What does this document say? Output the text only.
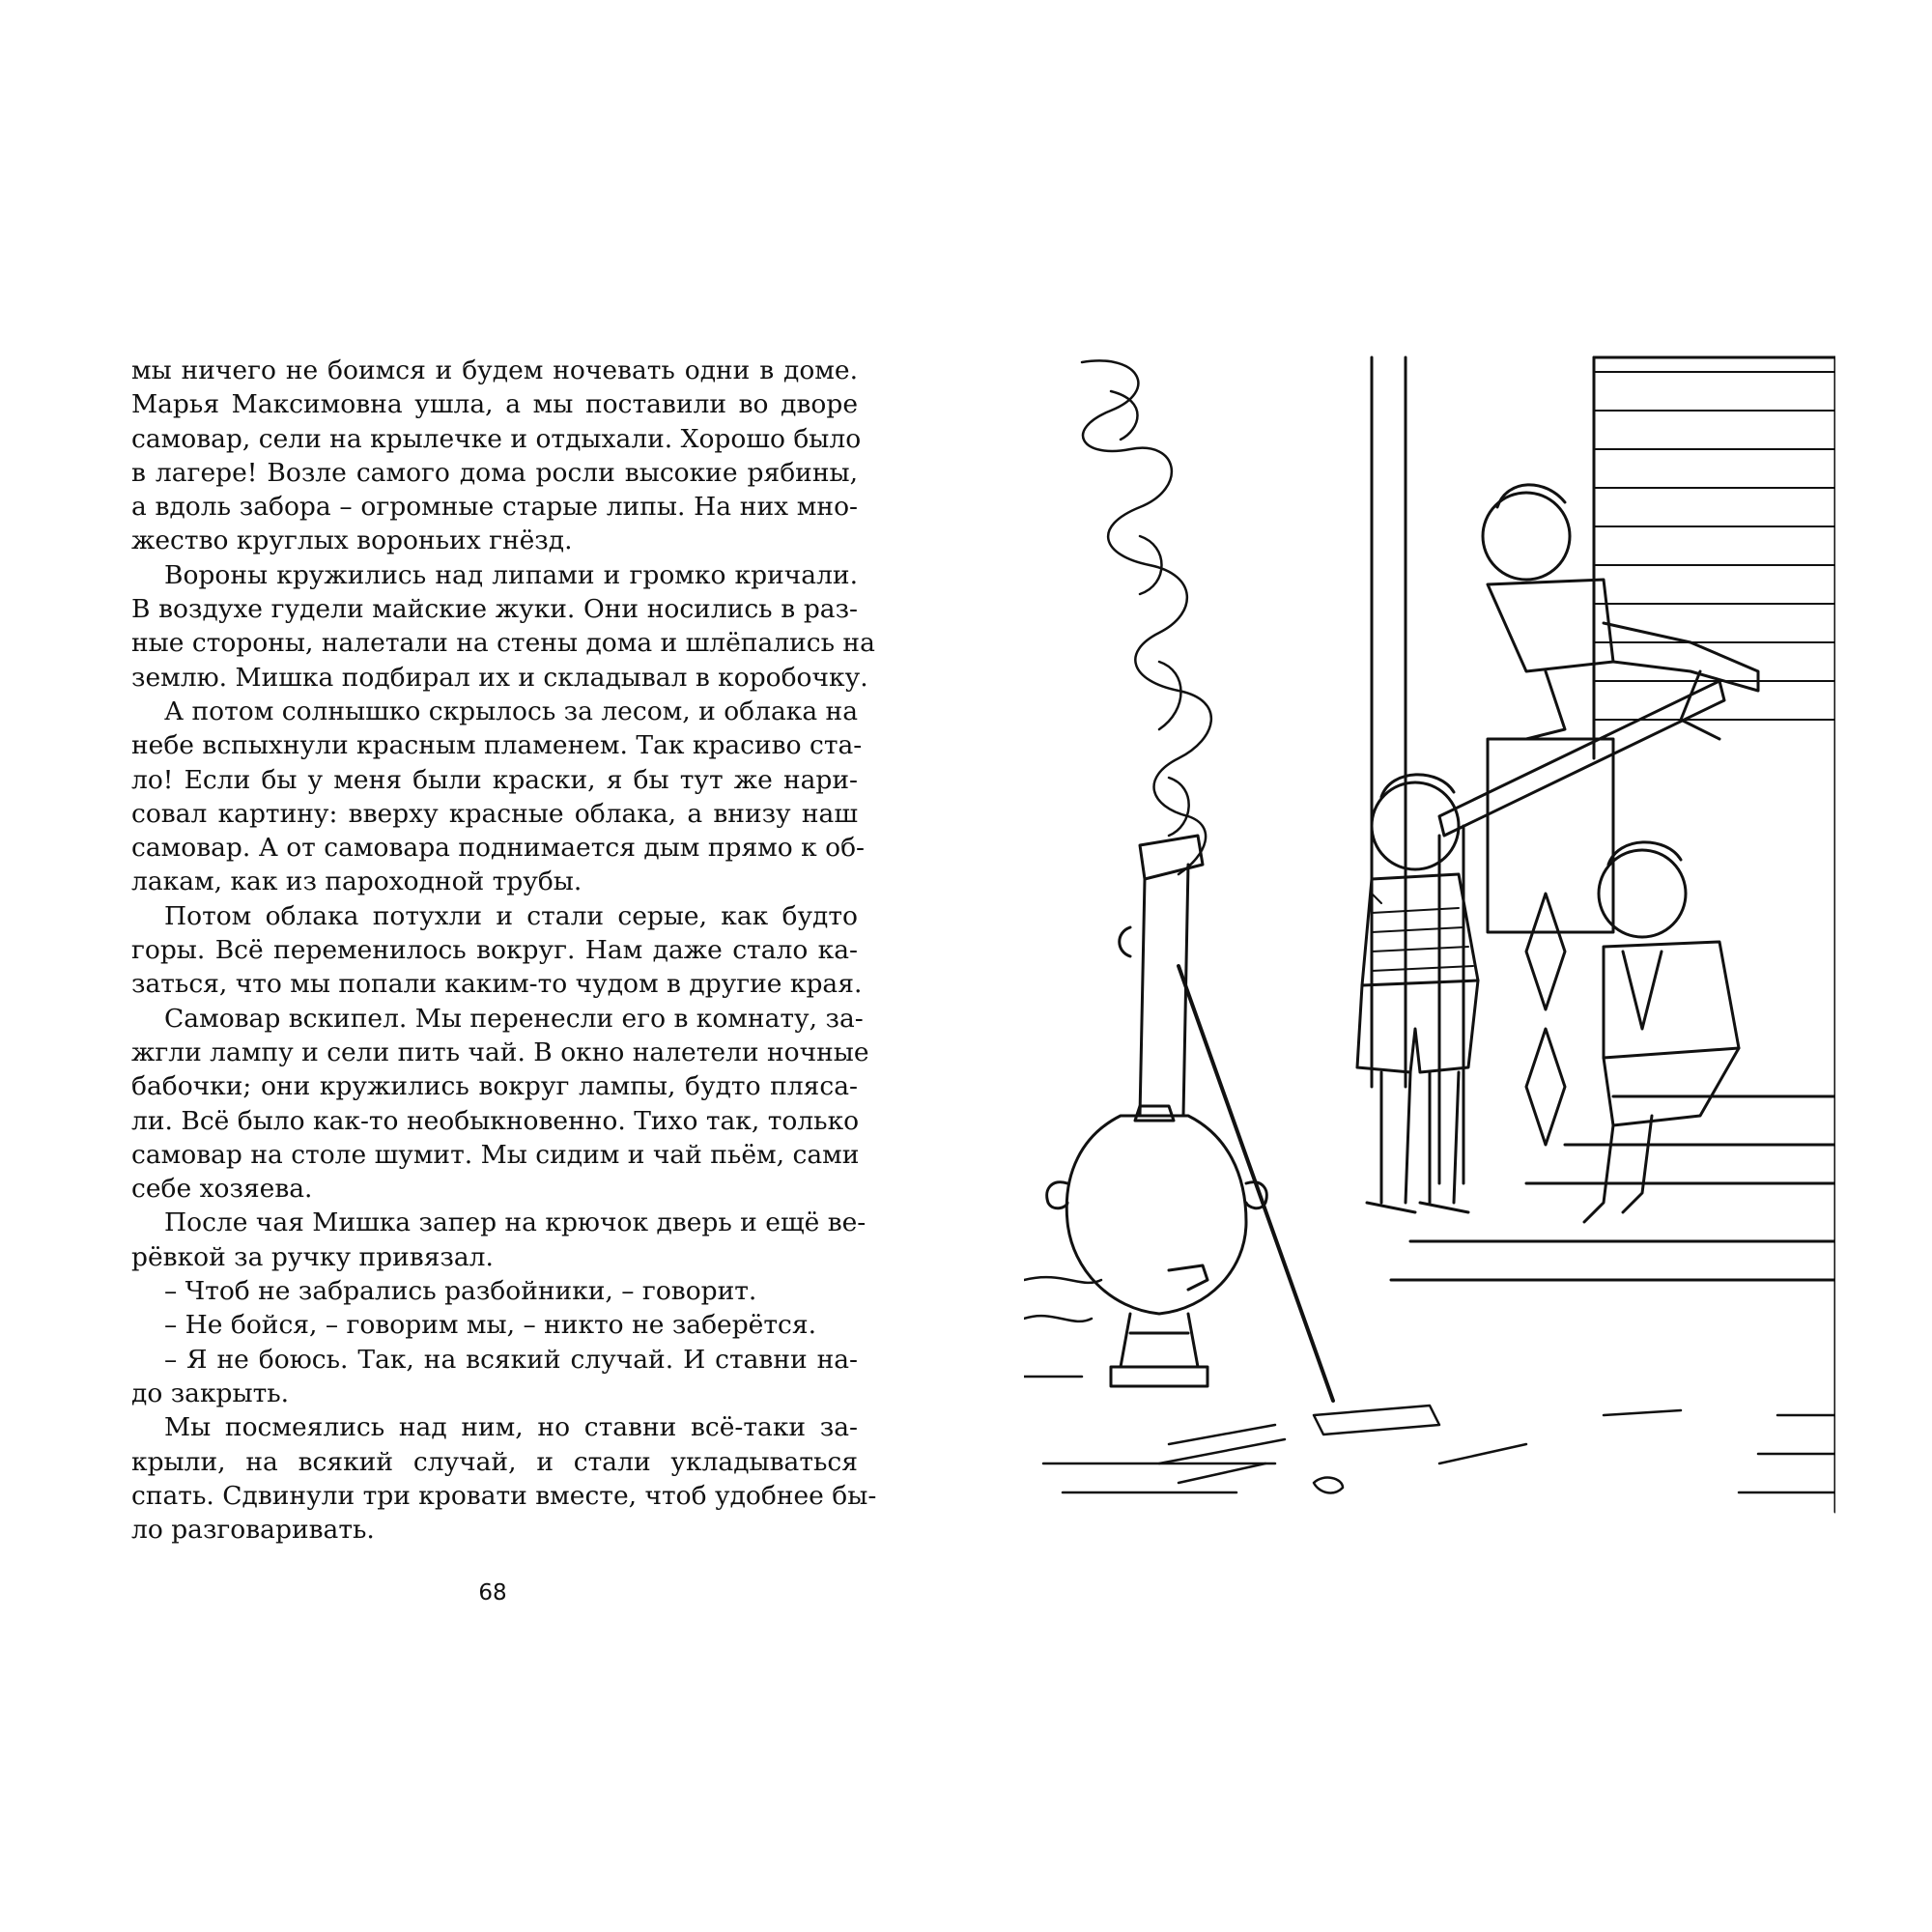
мы ничего не боимся и будем ночевать одни в доме.
Марья Максимовна ушла, а мы поставили во дворе
самовар, сели на крылечке и отдыхали. Хорошо было
в лагере! Возле самого дома росли высокие рябины,
а вдоль забора – огромные старые липы. На них мно-
жество круглых вороньих гнёзд.
Вороны кружились над липами и громко кричали.
В воздухе гудели майские жуки. Они носились в раз-
ные стороны, налетали на стены дома и шлёпались на
землю. Мишка подбирал их и складывал в коробочку.
А потом солнышко скрылось за лесом, и облака на
небе вспыхнули красным пламенем. Так красиво ста-
ло! Если бы у меня были краски, я бы тут же нари-
совал картину: вверху красные облака, а внизу наш
самовар. А от самовара поднимается дым прямо к об-
лакам, как из пароходной трубы.
Потом облака потухли и стали серые, как будто
горы. Всё переменилось вокруг. Нам даже стало ка-
заться, что мы попали каким-то чудом в другие края.
Самовар вскипел. Мы перенесли его в комнату, за-
жгли лампу и сели пить чай. В окно налетели ночные
бабочки; они кружились вокруг лампы, будто пляса-
ли. Всё было как-то необыкновенно. Тихо так, только
самовар на столе шумит. Мы сидим и чай пьём, сами
себе хозяева.
После чая Мишка запер на крючок дверь и ещё ве-
рёвкой за ручку привязал.
– Чтоб не забрались разбойники, – говорит.
– Не бойся, – говорим мы, – никто не заберётся.
– Я не боюсь. Так, на всякий случай. И ставни на-
до закрыть.
Мы посмеялись над ним, но ставни всё-таки за-
крыли, на всякий случай, и стали укладываться
спать. Сдвинули три кровати вместе, чтоб удобнее бы-
ло разговаривать.
68
